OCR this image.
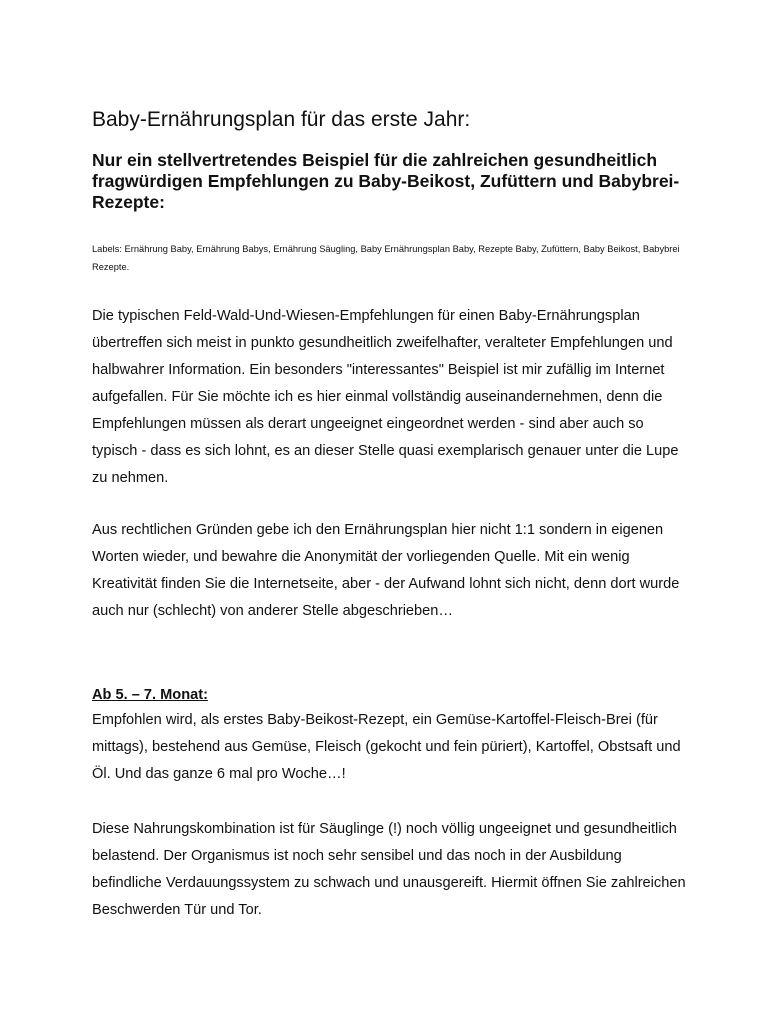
Baby-Ernährungsplan für das erste Jahr:
Nur ein stellvertretendes Beispiel für die zahlreichen gesundheitlich fragwürdigen Empfehlungen zu Baby-Beikost, Zufüttern und Babybrei-Rezepte:

Labels: Ernährung Baby, Ernährung Babys, Ernährung Säugling, Baby Ernährungsplan Baby, Rezepte Baby, Zufüttern, Baby Beikost, Babybrei Rezepte.

Die typischen Feld-Wald-Und-Wiesen-Empfehlungen für einen Baby-Ernährungsplan übertreffen sich meist in punkto gesundheitlich zweifelhafter, veralteter Empfehlungen und halbwahrer Information. Ein besonders "interessantes" Beispiel ist mir zufällig im Internet aufgefallen. Für Sie möchte ich es hier einmal vollständig auseinandernehmen, denn die Empfehlungen müssen als derart ungeeignet eingeordnet werden - sind aber auch so typisch - dass es sich lohnt, es an dieser Stelle quasi exemplarisch genauer unter die Lupe zu nehmen.

Aus rechtlichen Gründen gebe ich den Ernährungsplan hier nicht 1:1 sondern in eigenen Worten wieder, und bewahre die Anonymität der vorliegenden Quelle. Mit ein wenig Kreativität finden Sie die Internetseite, aber - der Aufwand lohnt sich nicht, denn dort wurde auch nur (schlecht) von anderer Stelle abgeschrieben…

Ab 5. – 7. Monat:

Empfohlen wird, als erstes Baby-Beikost-Rezept, ein Gemüse-Kartoffel-Fleisch-Brei (für mittags), bestehend aus Gemüse, Fleisch (gekocht und fein püriert), Kartoffel, Obstsaft und Öl. Und das ganze 6 mal pro Woche…!

Diese Nahrungskombination ist für Säuglinge (!) noch völlig ungeeignet und gesundheitlich belastend. Der Organismus ist noch sehr sensibel und das noch in der Ausbildung befindliche Verdauungssystem zu schwach und unausgereift. Hiermit öffnen Sie zahlreichen Beschwerden Tür und Tor.
